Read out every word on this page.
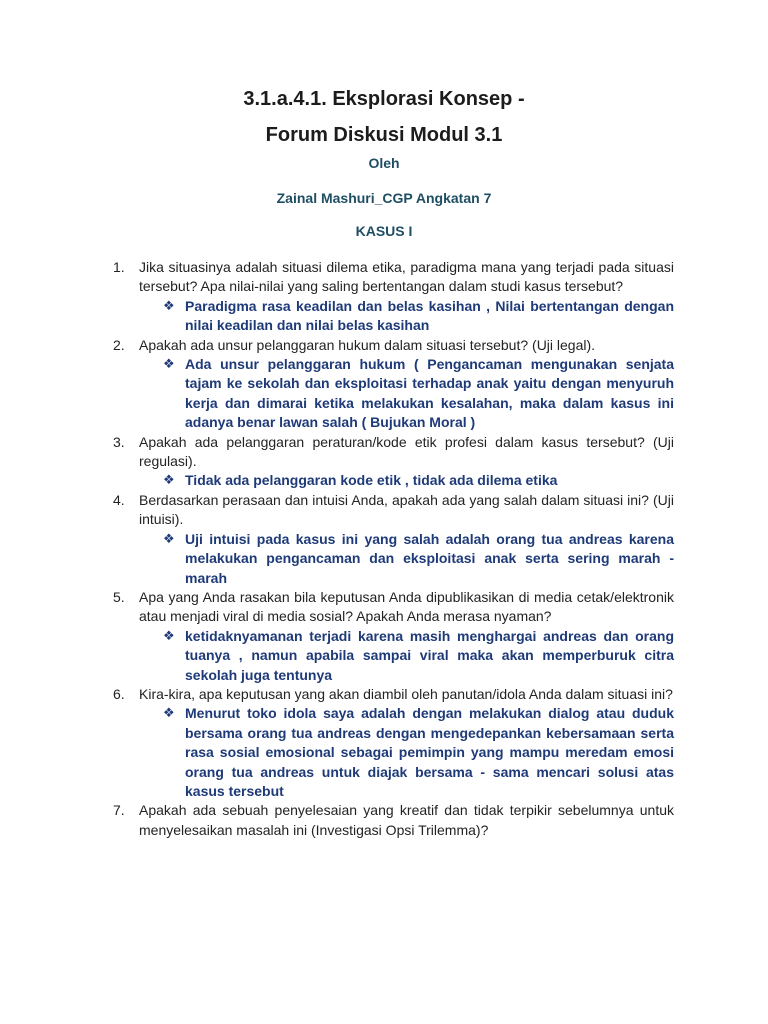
3.1.a.4.1. Eksplorasi Konsep -
Forum Diskusi Modul 3.1
Oleh
Zainal Mashuri_CGP Angkatan 7
KASUS I
1. Jika situasinya adalah situasi dilema etika, paradigma mana yang terjadi pada situasi tersebut? Apa nilai-nilai yang saling bertentangan dalam studi kasus tersebut?
❖ Paradigma rasa keadilan dan belas kasihan , Nilai bertentangan dengan nilai keadilan dan nilai belas kasihan
2. Apakah ada unsur pelanggaran hukum dalam situasi tersebut? (Uji legal).
❖ Ada unsur pelanggaran hukum ( Pengancaman mengunakan senjata tajam ke sekolah dan eksploitasi terhadap anak yaitu dengan menyuruh kerja dan dimarai ketika melakukan kesalahan, maka dalam kasus ini adanya benar lawan salah ( Bujukan Moral )
3. Apakah ada pelanggaran peraturan/kode etik profesi dalam kasus tersebut? (Uji regulasi).
❖ Tidak ada pelanggaran kode etik , tidak ada dilema etika
4. Berdasarkan perasaan dan intuisi Anda, apakah ada yang salah dalam situasi ini? (Uji intuisi).
❖ Uji intuisi pada kasus ini yang salah adalah orang tua andreas karena melakukan pengancaman dan eksploitasi anak serta sering marah - marah
5. Apa yang Anda rasakan bila keputusan Anda dipublikasikan di media cetak/elektronik atau menjadi viral di media sosial? Apakah Anda merasa nyaman?
❖ ketidaknyamanan terjadi karena masih menghargai andreas dan orang tuanya , namun apabila sampai viral maka akan memperburuk citra sekolah juga tentunya
6. Kira-kira, apa keputusan yang akan diambil oleh panutan/idola Anda dalam situasi ini?
❖ Menurut toko idola saya adalah dengan melakukan dialog atau duduk bersama orang tua andreas dengan mengedepankan kebersamaan serta rasa sosial emosional sebagai pemimpin yang mampu meredam emosi orang tua andreas untuk diajak bersama - sama mencari solusi atas kasus tersebut
7. Apakah ada sebuah penyelesaian yang kreatif dan tidak terpikir sebelumnya untuk menyelesaikan masalah ini (Investigasi Opsi Trilemma)?
